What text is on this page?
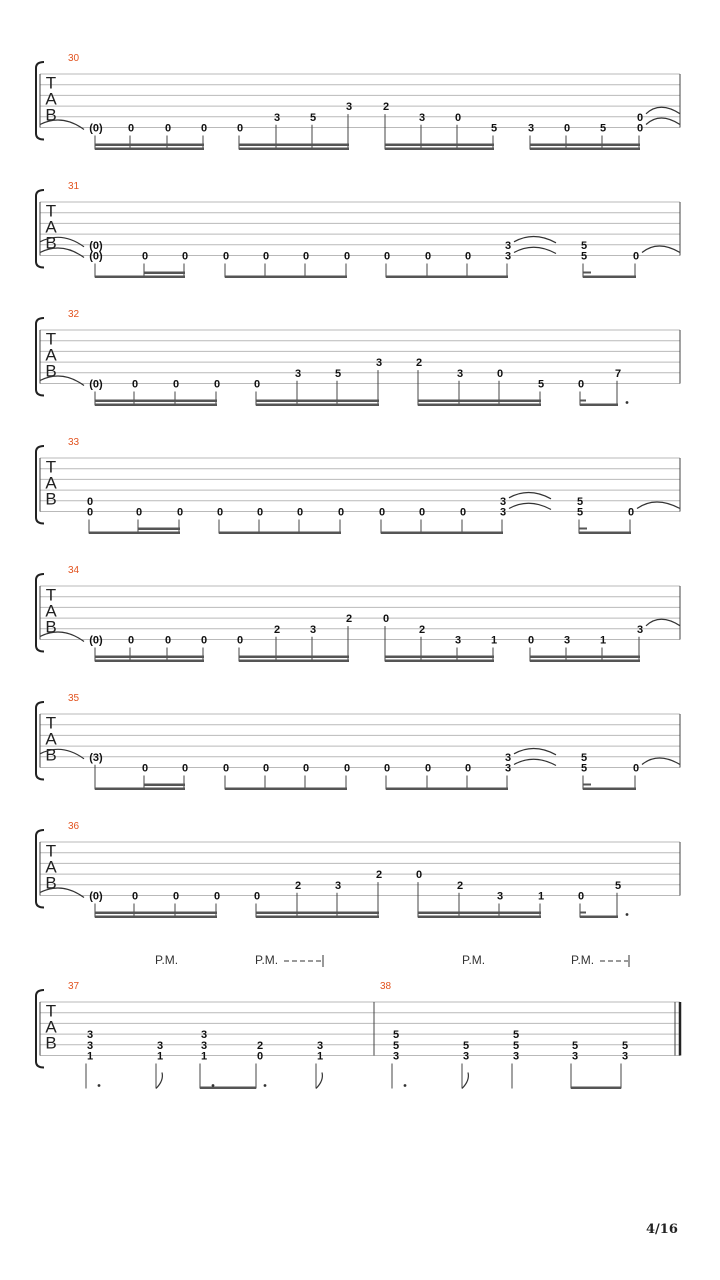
T
A
B
30
(0) 0	0	0	0
3	5
3	2
3	0
5	3	0	5
0
0
T
A
B
31
(0)
(0)	0	0	0	0	0	0	0	0	0
3
3
5
5	0
T
A
B
32
(0)	0	0	0	0
3	5
3	2
3	0
5	0
7
T
A
B
33
0
0	0	0	0	0	0	0	0	0	0
3
3
5
5	0
T
A
B
34
(0) 0	0	0	0
2	3
2	0
2
3	1	0	3	1
3
T
A
B
35
(3)
0	0	0	0	0	0	0	0	0
3
3
5
5	0
T
A
B
36
(0)	0	0	0	0
2	3
2	0
2
3	1	0
5
T
A
B
P.M.	P.M.	P.M.	P.M.
37
3
3
1
3
1
3
3
1
2
0
3
1
38
5
5
3
5
3
5
5
3
5
3
5
3
4/16
